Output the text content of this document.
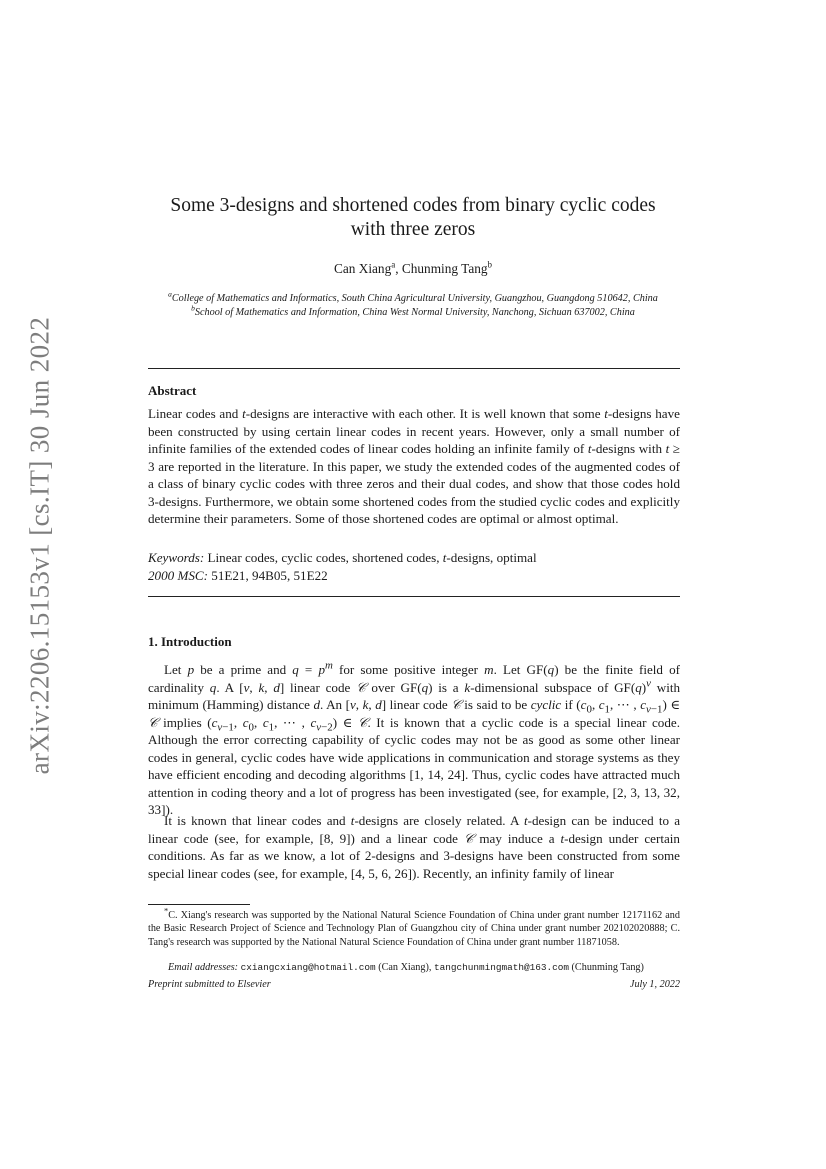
arXiv:2206.15153v1 [cs.IT] 30 Jun 2022
Some 3-designs and shortened codes from binary cyclic codes
with three zeros
Can Xiang$^a$, Chunming Tang$^b$
$^a$College of Mathematics and Informatics, South China Agricultural University, Guangzhou, Guangdong 510642, China
$^b$School of Mathematics and Information, China West Normal University, Nanchong, Sichuan 637002, China
Abstract
Linear codes and t-designs are interactive with each other. It is well known that some t-designs have been constructed by using certain linear codes in recent years. However, only a small number of infinite families of the extended codes of linear codes holding an infinite family of t-designs with t ≥ 3 are reported in the literature. In this paper, we study the extended codes of the augmented codes of a class of binary cyclic codes with three zeros and their dual codes, and show that those codes hold 3-designs. Furthermore, we obtain some shortened codes from the studied cyclic codes and explicitly determine their parameters. Some of those shortened codes are optimal or almost optimal.
Keywords: Linear codes, cyclic codes, shortened codes, t-designs, optimal
2000 MSC: 51E21, 94B05, 51E22
1. Introduction
Let p be a prime and $q = p^m$ for some positive integer m. Let GF(q) be the finite field of cardinality q. A [v, k, d] linear code 𝒞 over GF(q) is a k-dimensional subspace of $GF(q)^v$ with minimum (Hamming) distance d. An [v, k, d] linear code 𝒞 is said to be cyclic if ($c_0$, $c_1$, ⋯ , $c_{v-1}$) ∈ 𝒞 implies ($c_{v-1}$, $c_0$, $c_1$, ⋯ , $c_{v-2}$) ∈ 𝒞. It is known that a cyclic code is a special linear code. Although the error correcting capability of cyclic codes may not be as good as some other linear codes in general, cyclic codes have wide applications in communication and storage systems as they have efficient encoding and decoding algorithms [1, 14, 24]. Thus, cyclic codes have attracted much attention in coding theory and a lot of progress has been investigated (see, for example, [2, 3, 13, 32, 33]).
It is known that linear codes and t-designs are closely related. A t-design can be induced to a linear code (see, for example, [8, 9]) and a linear code 𝒞 may induce a t-design under certain conditions. As far as we know, a lot of 2-designs and 3-designs have been constructed from some special linear codes (see, for example, [4, 5, 6, 26]). Recently, an infinity family of linear
*C. Xiang's research was supported by the National Natural Science Foundation of China under grant number 12171162 and the Basic Research Project of Science and Technology Plan of Guangzhou city of China under grant number 202102020888; C. Tang's research was supported by the National Natural Science Foundation of China under grant number 11871058.
Email addresses: cxiangcxiang@hotmail.com (Can Xiang), tangchunmingmath@163.com (Chunming Tang)
Preprint submitted to Elsevier	July 1, 2022
